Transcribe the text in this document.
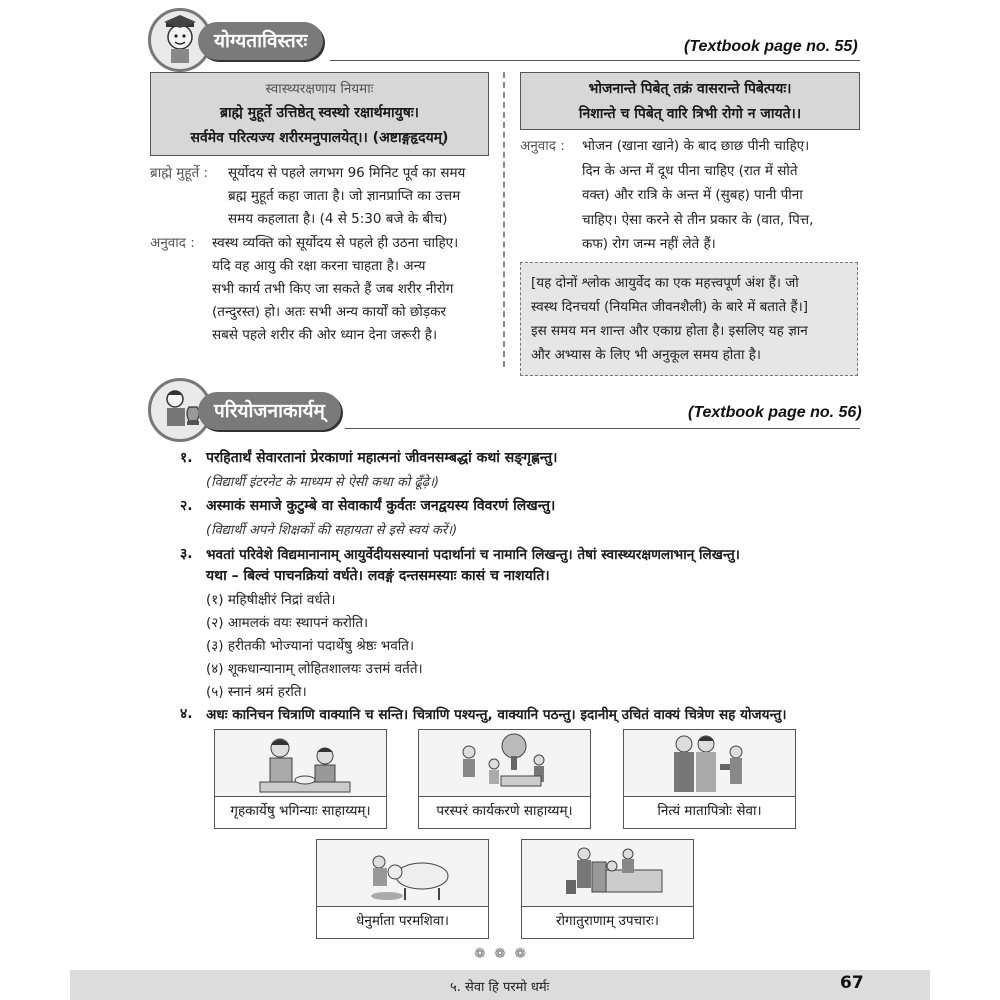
योग्यताविस्तरः	(Textbook page no. 55)
स्वास्थ्यरक्षणाय नियमाः
ब्राह्मे मुहूर्ते उत्तिष्ठेत् स्वस्थो रक्षार्थमायुषः।
सर्वमेव परित्यज्य शरीरमनुपालयेत्।। (अष्टाङ्गहृदयम्)
ब्राह्मे मुहूर्ते :	सूर्योदय से पहले लगभग 96 मिनिट पूर्व का समय
ब्रह्म मुहूर्त कहा जाता है। जो ज्ञानप्राप्ति का उत्तम
समय कहलाता है। (4 से 5:30 बजे के बीच)
अनुवाद :	स्वस्थ व्यक्ति को सूर्योदय से पहले ही उठना चाहिए।
यदि वह आयु की रक्षा करना चाहता है। अन्य
सभी कार्य तभी किए जा सकते हैं जब शरीर नीरोग
(तन्दुरस्त) हो। अतः सभी अन्य कार्यों को छोड़कर
सबसे पहले शरीर की ओर ध्यान देना जरूरी है।
भोजनान्ते पिबेत् तक्रं वासरान्ते पिबेत्पयः।
निशान्ते च पिबेत् वारि त्रिभी रोगो न जायते।।
अनुवाद :	भोजन (खाना खाने) के बाद छाछ पीनी चाहिए।
दिन के अन्त में दूध पीना चाहिए (रात में सोते
वक्त) और रात्रि के अन्त में (सुबह) पानी पीना
चाहिए। ऐसा करने से तीन प्रकार के (वात, पित्त,
कफ) रोग जन्म नहीं लेते हैं।
[यह दोनों श्लोक आयुर्वेद का एक महत्त्वपूर्ण अंश हैं। जो
स्वस्थ दिनचर्या (नियमित जीवनशैली) के बारे में बताते हैं।]
इस समय मन शान्त और एकाग्र होता है। इसलिए यह ज्ञान
और अभ्यास के लिए भी अनुकूल समय होता है।
परियोजनाकार्यम्	(Textbook page no. 56)
१. परहितार्थं सेवारतानां प्रेरकाणां महात्मनां जीवनसम्बद्धां कथां सङ्गृह्णन्तु।
(विद्यार्थी इंटरनेट के माध्यम से ऐसी कथा को ढूँढ़े।)
२. अस्माकं समाजे कुटुम्बे वा सेवाकार्यं कुर्वतः जनद्वयस्य विवरणं लिखन्तु।
(विद्यार्थी अपने शिक्षकों की सहायता से इसे स्वयं करें।)
३. भवतां परिवेशे विद्यमानानाम् आयुर्वेदीयसस्यानां पदार्थानां च नामानि लिखन्तु। तेषां स्वास्थ्यरक्षणलाभान् लिखन्तु।
यथा – बिल्वं पाचनक्रियां वर्धते। लवङ्गं दन्तसमस्याः कासं च नाशयति।
(१) महिषीक्षीरं निद्रां वर्धते।
(२) आमलकं वयः स्थापनं करोति।
(३) हरीतकी भोज्यानां पदार्थेषु श्रेष्ठः भवति।
(४) शूकधान्यानाम् लोहितशालयः उत्तमं वर्तते।
(५) स्नानं श्रमं हरति।
४. अधः कानिचन चित्राणि वाक्यानि च सन्ति। चित्राणि पश्यन्तु, वाक्यानि पठन्तु। इदानीम् उचितं वाक्यं चित्रेण सह योजयन्तु।
गृहकार्येषु भगिन्याः साहाय्यम्।	परस्परं कार्यकरणे साहाय्यम्।	नित्यं मातापित्रोः सेवा।
धेनुर्माता परमशिवा।	रोगातुराणाम् उपचारः।
❁ ❁ ❁
५. सेवा हि परमो धर्मः	67
